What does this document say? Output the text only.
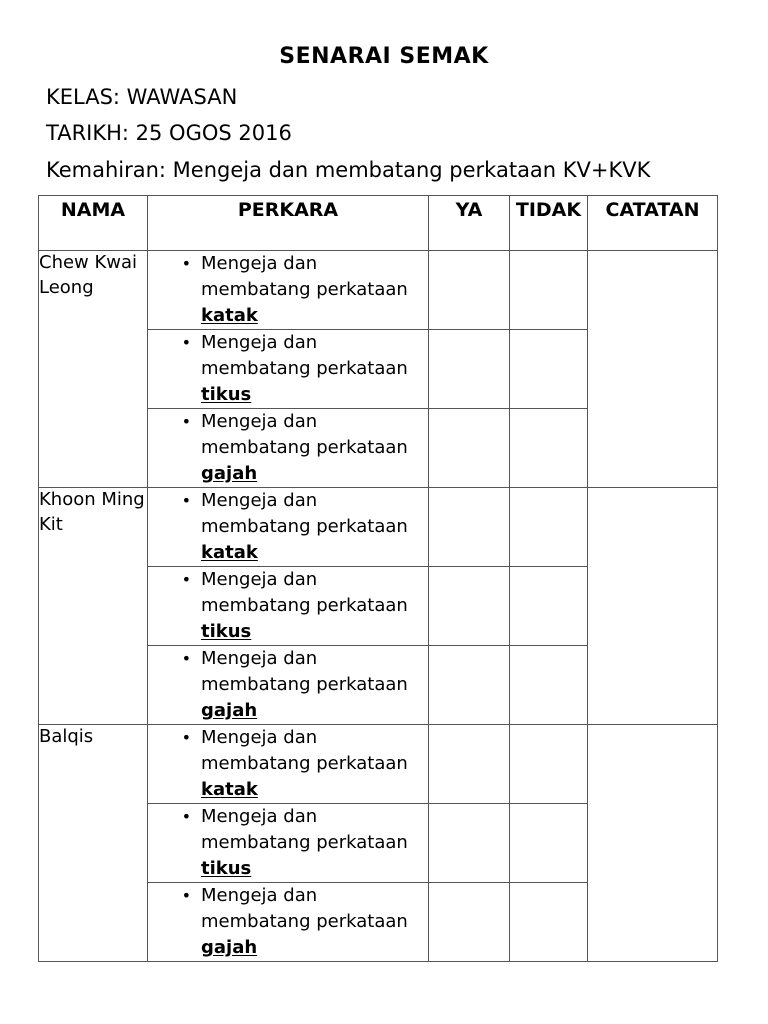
SENARAI SEMAK
KELAS: WAWASAN
TARIKH: 25 OGOS 2016
Kemahiran: Mengeja dan membatang perkataan KV+KVK
NAMA	PERKARA	YA	TIDAK	CATATAN
Chew Kwai Leong	• Mengeja dan membatang perkataan katak			

	• Mengeja dan membatang perkataan tikus			

	• Mengeja dan membatang perkataan gajah			

Khoon Ming Kit	• Mengeja dan membatang perkataan katak			

	• Mengeja dan membatang perkataan tikus			

	• Mengeja dan membatang perkataan gajah			

Balqis	• Mengeja dan membatang perkataan katak			

	• Mengeja dan membatang perkataan tikus			

	• Mengeja dan membatang perkataan gajah			
